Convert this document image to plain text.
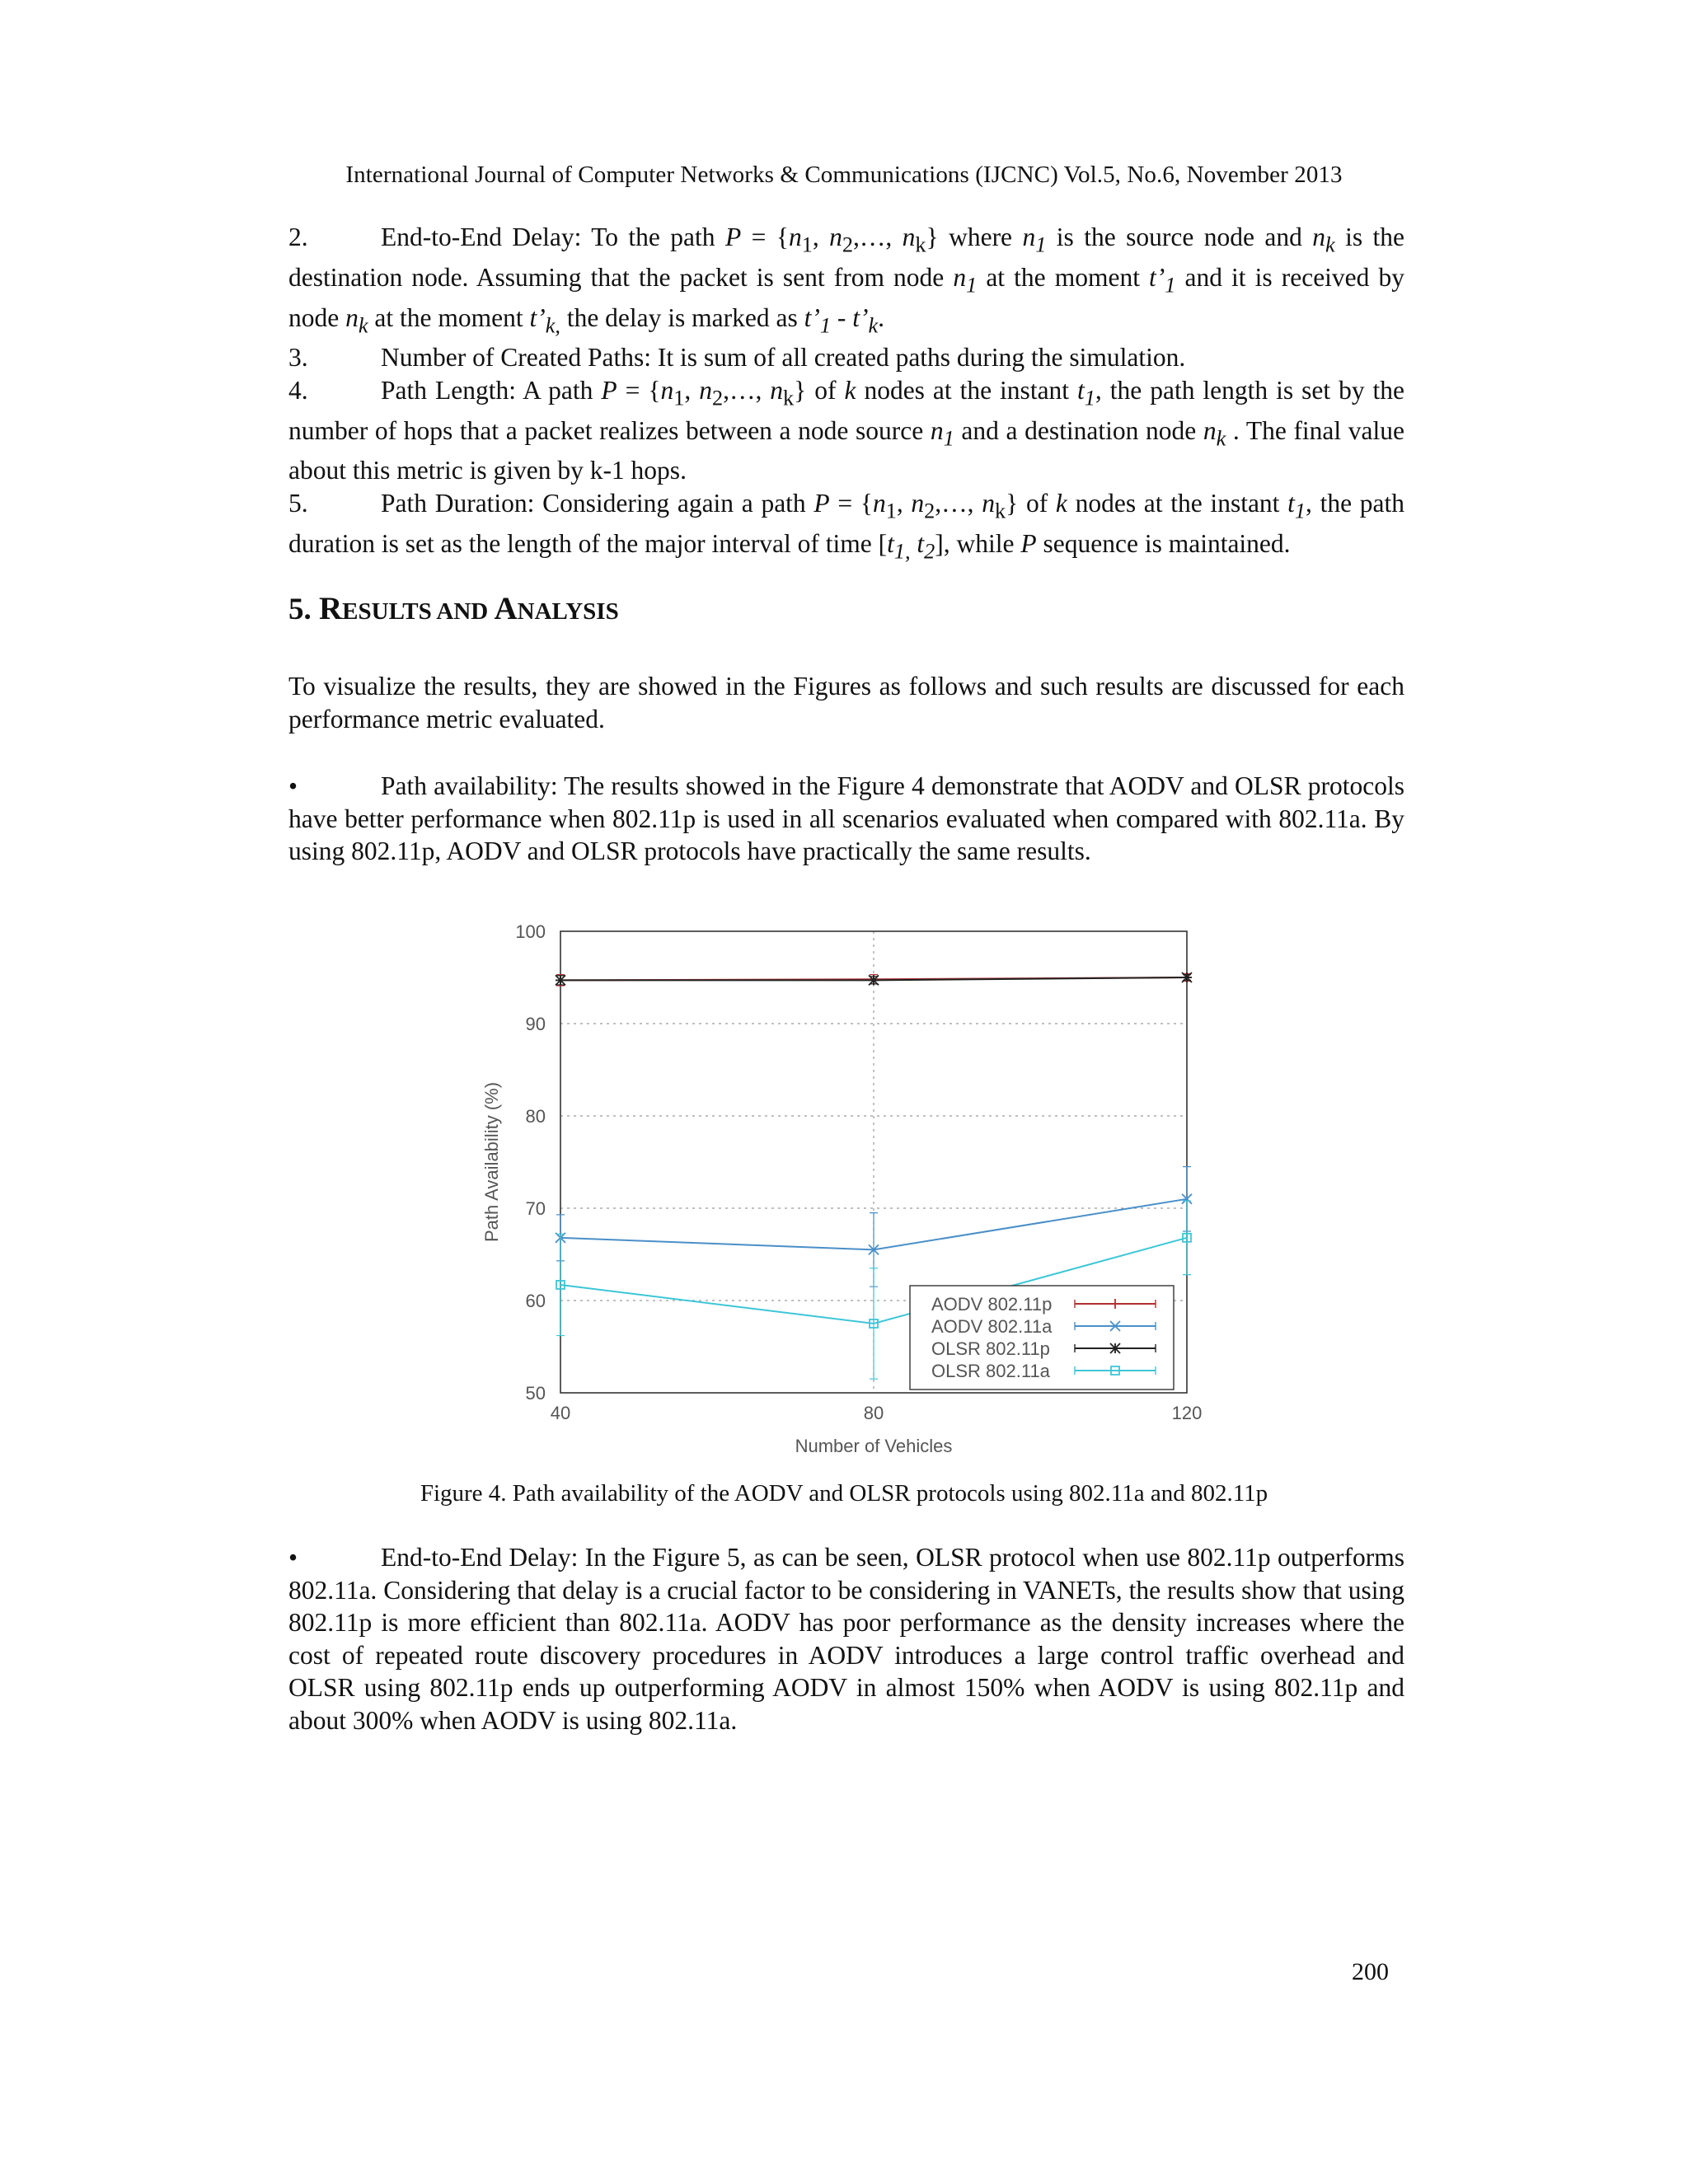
International Journal of Computer Networks & Communications (IJCNC) Vol.5, No.6, November 2013

2.	End-to-End Delay: To the path $P = \{n_1$, $n_2,\dots$, $n_k$} where $n_1$ is the source node and $n_k$ is the destination node. Assuming that the packet is sent from node $n_1$ at the moment $t’_1$ and it is received by node $n_k$ at the moment $t’_{k,}$ the delay is marked as $t’_1$ - $t’_k$.

3.	Number of Created Paths: It is sum of all created paths during the simulation.

4.	Path Length: A path $P = \{n_1$, $n_2,\dots$, $n_k$} of k nodes at the instant $t_1$, the path length is set by the number of hops that a packet realizes between a node source $n_1$ and a destination node $n_k$ . The final value about this metric is given by k-1 hops.

5.	Path Duration: Considering again a path $P = \{n_1$, $n_2,\dots$, $n_k$} of k nodes at the instant $t_1$, the path duration is set as the length of the major interval of time [$t_{1,}$ $t_2$], while P sequence is maintained.

5. RESULTS AND ANALYSIS

To visualize the results, they are showed in the Figures as follows and such results are discussed for each performance metric evaluated.

•	Path availability: The results showed in the Figure 4 demonstrate that AODV and OLSR protocols have better performance when 802.11p is used in all scenarios evaluated when compared with 802.11a. By using 802.11p, AODV and OLSR protocols have practically the same results.

50
60
70
80
90
100
40	80	120
Number of Vehicles
Path Availability (%)
AODV 802.11p
AODV 802.11a
OLSR 802.11p
OLSR 802.11a
Figure 4. Path availability of the AODV and OLSR protocols using 802.11a and 802.11p

•	End-to-End Delay: In the Figure 5, as can be seen, OLSR protocol when use 802.11p outperforms 802.11a. Considering that delay is a crucial factor to be considering in VANETs, the results show that using 802.11p is more efficient than 802.11a. AODV has poor performance as the density increases where the cost of repeated route discovery procedures in AODV introduces a large control traffic overhead and OLSR using 802.11p ends up outperforming AODV in almost 150% when AODV is using 802.11p and about 300% when AODV is using 802.11a.

200
